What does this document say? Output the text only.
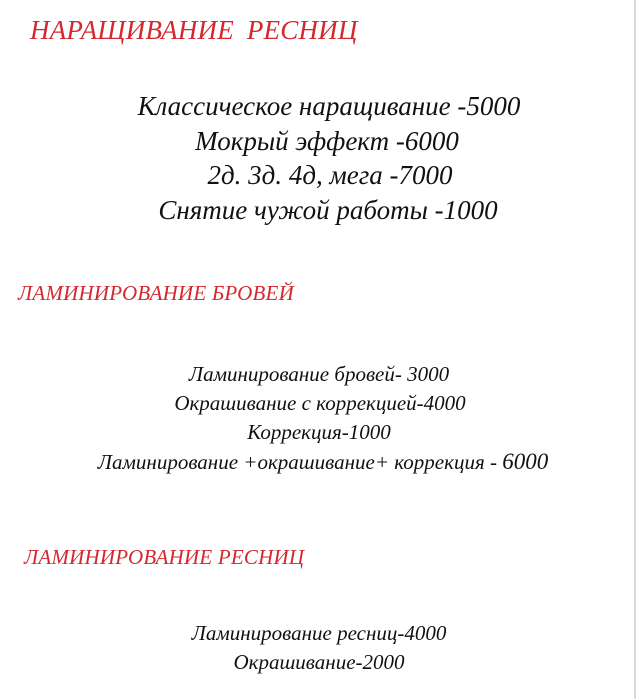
НАРАЩИВАНИЕ РЕСНИЦ
Классическое наращивание -5000
Мокрый эффект -6000
2д. 3д. 4д, мега -7000
Снятие чужой работы -1000
ЛАМИНИРОВАНИЕ БРОВЕЙ
Ламинирование бровей- 3000
Окрашивание с коррекцией-4000
Коррекция-1000
Ламинирование +окрашивание+ коррекция - 6000
ЛАМИНИРОВАНИЕ РЕСНИЦ
Ламинирование ресниц-4000
Окрашивание-2000
